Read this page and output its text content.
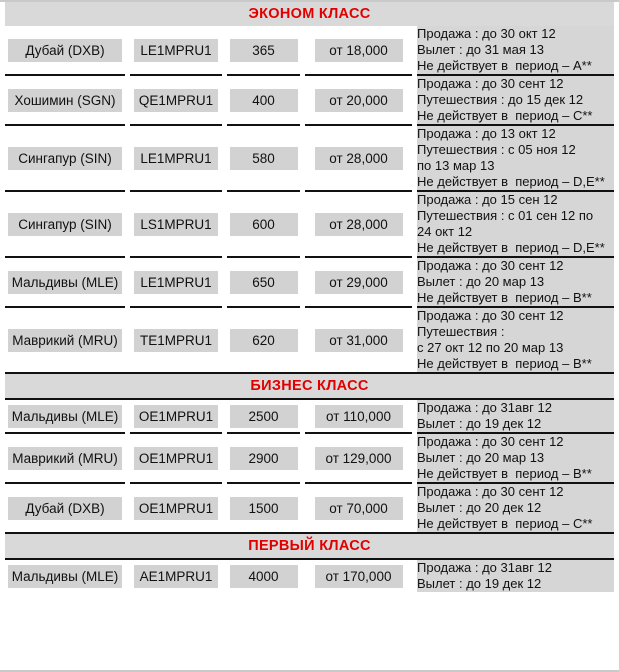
ЭКОНОМ КЛАСС				

Дубай (DXB)	LE1MPRU1	365	от 18,000	Продажа : до 30 окт 12
Вылет : до 31 мая 13
Не действует в  период – A**

Хошимин (SGN)	QE1MPRU1	400	от 20,000	Продажа : до 30 сент 12
Путешествия : до 15 дек 12
Не действует в  период – C**

Сингапур (SIN)	LE1MPRU1	580	от 28,000	Продажа : до 13 окт 12
Путешествия : с 05 ноя 12
по 13 мар 13
Не действует в  период – D,E**

Сингапур (SIN)	LS1MPRU1	600	от 28,000	Продажа : до 15 сен 12
Путешествия : с 01 сен 12 по
24 окт 12
Не действует в  период – D,E**

Мальдивы (MLE)	LE1MPRU1	650	от 29,000	Продажа : до 30 сент 12
Вылет : до 20 мар 13
Не действует в  период – B**

Маврикий (MRU)	TE1MPRU1	620	от 31,000	Продажа : до 30 сент 12
Путешествия :
с 27 окт 12 по 20 мар 13
Не действует в  период – B**

БИЗНЕС КЛАСС				

Мальдивы (MLE)	OE1MPRU1	2500	от 110,000	Продажа : до 31авг 12
Вылет : до 19 дек 12

Маврикий (MRU)	OE1MPRU1	2900	от 129,000	Продажа : до 30 сент 12
Вылет : до 20 мар 13
Не действует в  период – B**

Дубай (DXB)	OE1MPRU1	1500	от 70,000	Продажа : до 30 сент 12
Вылет : до 20 дек 12
Не действует в  период – C**

ПЕРВЫЙ КЛАСС				

Мальдивы (MLE)	AE1MPRU1	4000	от 170,000	Продажа : до 31авг 12
Вылет : до 19 дек 12
